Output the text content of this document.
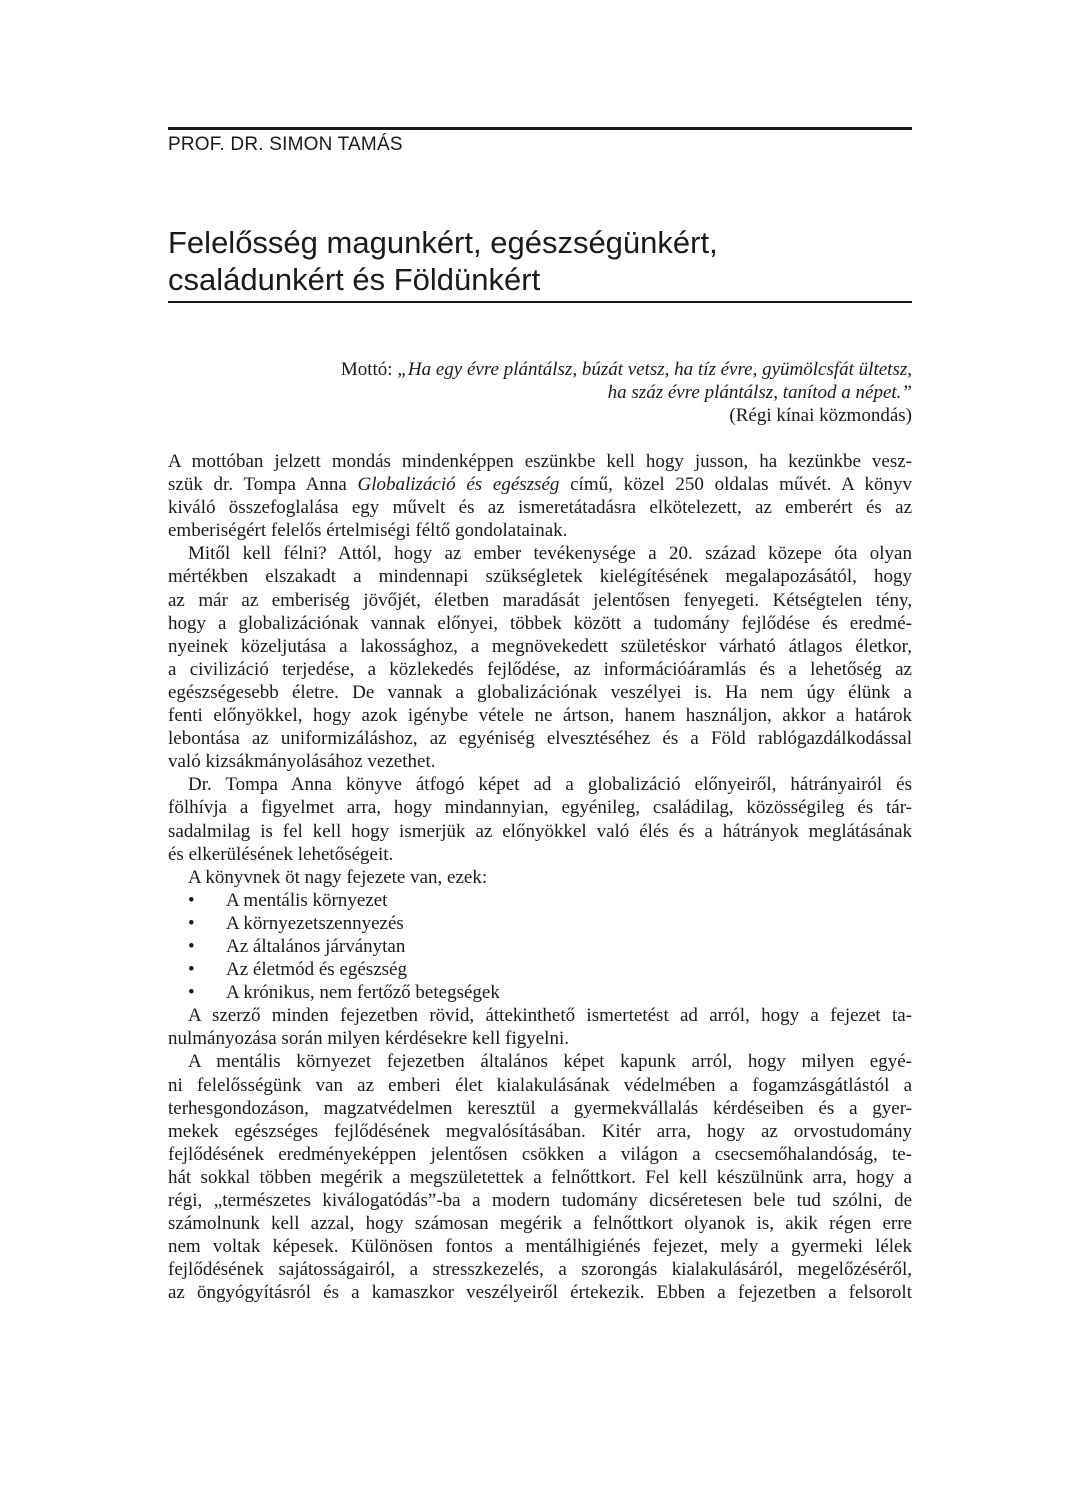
PROF. DR. SIMON TAMÁS
Felelősség magunkért, egészségünkért,
családunkért és Földünkért
Mottó: „Ha egy évre plántálsz, búzát vetsz, ha tíz évre, gyümölcsfát ültetsz,
ha száz évre plántálsz, tanítod a népet.”
(Régi kínai közmondás)
A mottóban jelzett mondás mindenképpen eszünkbe kell hogy jusson, ha kezünkbe vesz-
szük dr. Tompa Anna Globalizáció és egészség című, közel 250 oldalas művét. A könyv
kiváló összefoglalása egy művelt és az ismeretátadásra elkötelezett, az emberért és az
emberiségért felelős értelmiségi féltő gondolatainak.
Mitől kell félni? Attól, hogy az ember tevékenysége a 20. század közepe óta olyan
mértékben elszakadt a mindennapi szükségletek kielégítésének megalapozásától, hogy
az már az emberiség jövőjét, életben maradását jelentősen fenyegeti. Kétségtelen tény,
hogy a globalizációnak vannak előnyei, többek között a tudomány fejlődése és eredmé-
nyeinek közeljutása a lakossághoz, a megnövekedett születéskor várható átlagos életkor,
a civilizáció terjedése, a közlekedés fejlődése, az információáramlás és a lehetőség az
egészségesebb életre. De vannak a globalizációnak veszélyei is. Ha nem úgy élünk a
fenti előnyökkel, hogy azok igénybe vétele ne ártson, hanem használjon, akkor a határok
lebontása az uniformizáláshoz, az egyéniség elvesztéséhez és a Föld rablógazdálkodással
való kizsákmányolásához vezethet.
Dr. Tompa Anna könyve átfogó képet ad a globalizáció előnyeiről, hátrányairól és
fölhívja a figyelmet arra, hogy mindannyian, egyénileg, családilag, közösségileg és tár-
sadalmilag is fel kell hogy ismerjük az előnyökkel való élés és a hátrányok meglátásának
és elkerülésének lehetőségeit.
A könyvnek öt nagy fejezete van, ezek:
•	A mentális környezet
•	A környezetszennyezés
•	Az általános járványtan
•	Az életmód és egészség
•	A krónikus, nem fertőző betegségek
A szerző minden fejezetben rövid, áttekinthető ismertetést ad arról, hogy a fejezet ta-
nulmányozása során milyen kérdésekre kell figyelni.
A mentális környezet fejezetben általános képet kapunk arról, hogy milyen egyé-
ni felelősségünk van az emberi élet kialakulásának védelmében a fogamzásgátlástól a
terhesgondozáson, magzatvédelmen keresztül a gyermekvállalás kérdéseiben és a gyer-
mekek egészséges fejlődésének megvalósításában. Kitér arra, hogy az orvostudomány
fejlődésének eredményeképpen jelentősen csökken a világon a csecsemőhalandóság, te-
hát sokkal többen megérik a megszületettek a felnőttkort. Fel kell készülnünk arra, hogy a
régi, „természetes kiválogatódás”-ba a modern tudomány dicséretesen bele tud szólni, de
számolnunk kell azzal, hogy számosan megérik a felnőttkort olyanok is, akik régen erre
nem voltak képesek. Különösen fontos a mentálhigiénés fejezet, mely a gyermeki lélek
fejlődésének sajátosságairól, a stresszkezelés, a szorongás kialakulásáról, megelőzéséről,
az öngyógyításról és a kamaszkor veszélyeiről értekezik. Ebben a fejezetben a felsorolt
